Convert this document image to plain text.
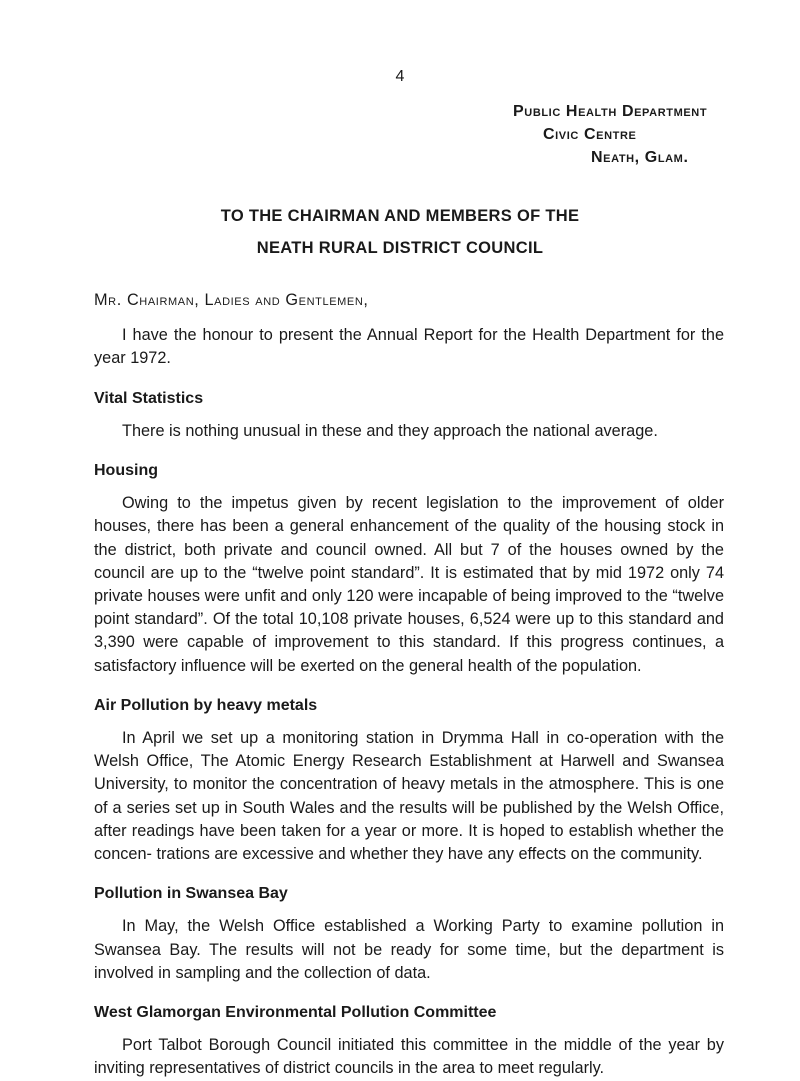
4
Public Health Department
Civic Centre
Neath, Glam.
TO THE CHAIRMAN AND MEMBERS OF THE
NEATH RURAL DISTRICT COUNCIL
Mr. Chairman, Ladies and Gentlemen,

I have the honour to present the Annual Report for the Health Department for the year 1972.

Vital Statistics

There is nothing unusual in these and they approach the national average.

Housing

Owing to the impetus given by recent legislation to the improvement of older houses, there has been a general enhancement of the quality of the housing stock in the district, both private and council owned. All but 7 of the houses owned by the council are up to the “twelve point standard”. It is estimated that by mid 1972 only 74 private houses were unfit and only 120 were incapable of being improved to the “twelve point standard”. Of the total 10,108 private houses, 6,524 were up to this standard and 3,390 were capable of improvement to this standard. If this progress continues, a satisfactory influence will be exerted on the general health of the population.

Air Pollution by heavy metals

In April we set up a monitoring station in Drymma Hall in co-operation with the Welsh Office, The Atomic Energy Research Establishment at Harwell and Swansea University, to monitor the concentration of heavy metals in the atmosphere. This is one of a series set up in South Wales and the results will be published by the Welsh Office, after readings have been taken for a year or more. It is hoped to establish whether the concen- trations are excessive and whether they have any effects on the community.

Pollution in Swansea Bay

In May, the Welsh Office established a Working Party to examine pollution in Swansea Bay. The results will not be ready for some time, but the department is involved in sampling and the collection of data.

West Glamorgan Environmental Pollution Committee

Port Talbot Borough Council initiated this committee in the middle of the year by inviting representatives of district councils in the area to meet regularly.
